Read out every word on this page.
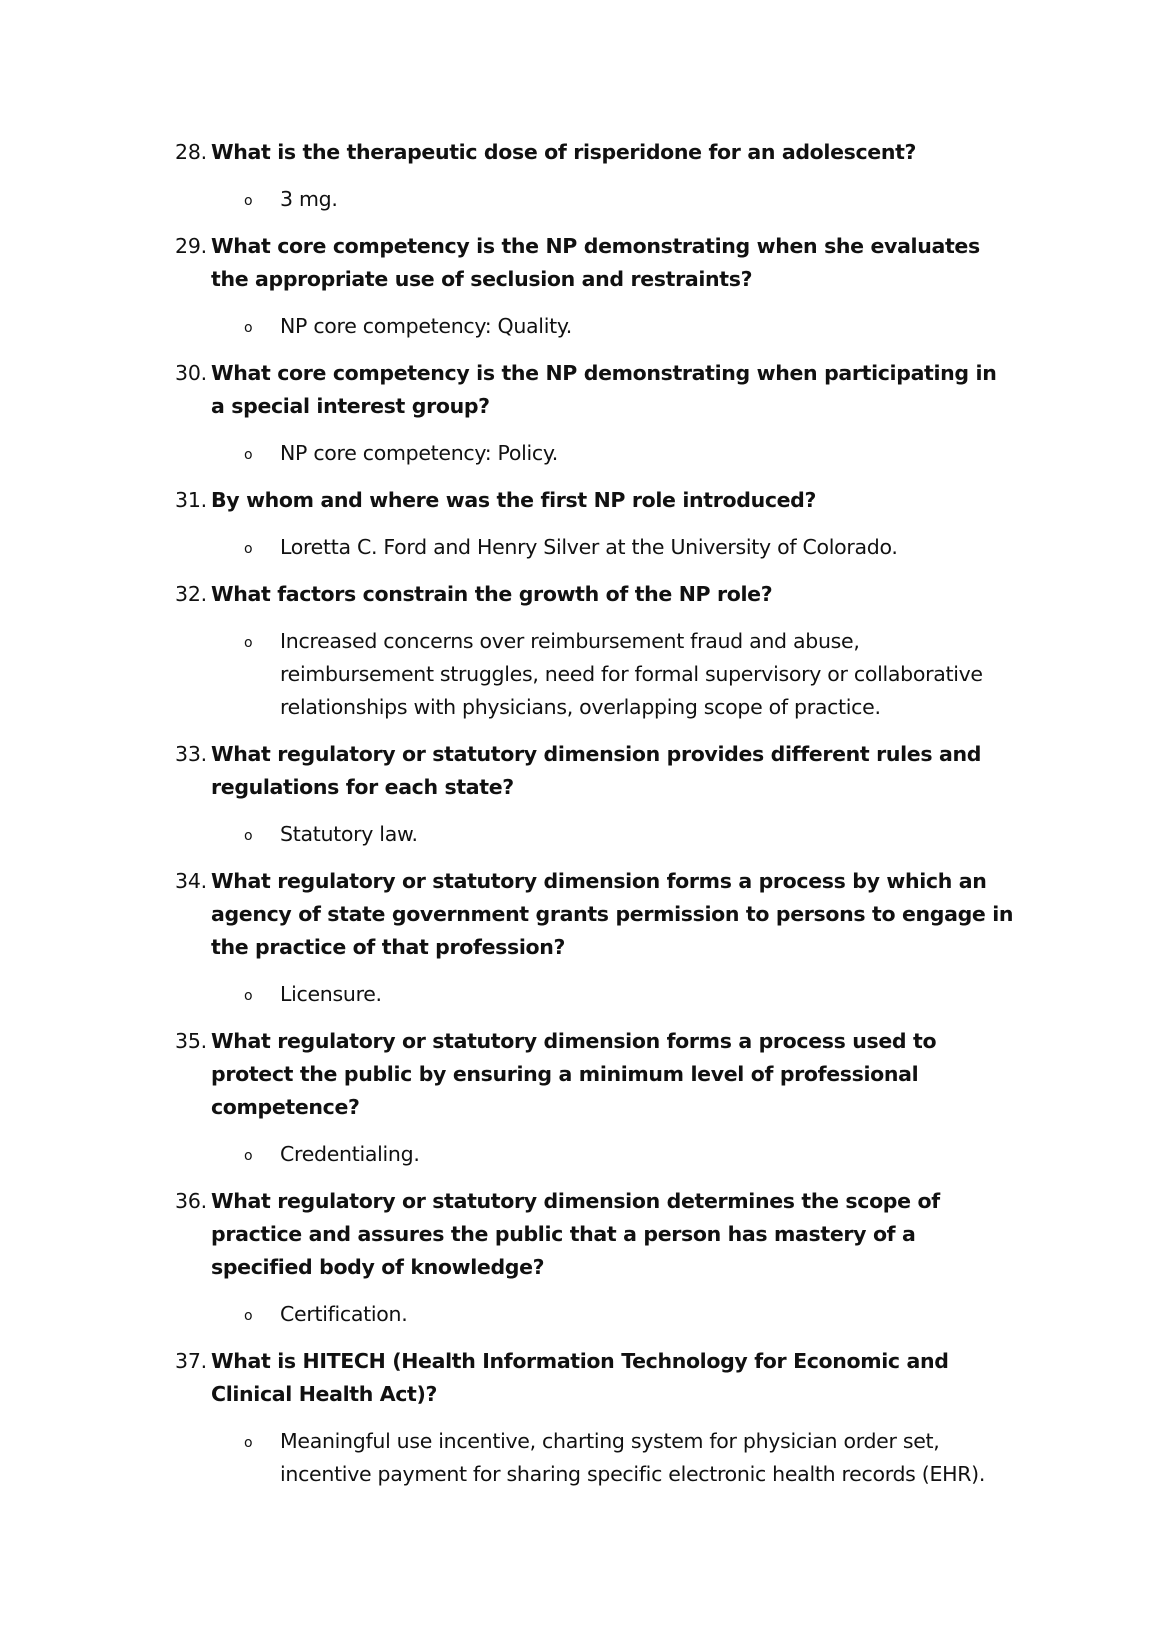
28. What is the therapeutic dose of risperidone for an adolescent?
o	3 mg.
29. What core competency is the NP demonstrating when she evaluates the appropriate use of seclusion and restraints?
o	NP core competency: Quality.
30. What core competency is the NP demonstrating when participating in a special interest group?
o	NP core competency: Policy.
31. By whom and where was the first NP role introduced?
o	Loretta C. Ford and Henry Silver at the University of Colorado.
32. What factors constrain the growth of the NP role?
o	Increased concerns over reimbursement fraud and abuse, reimbursement struggles, need for formal supervisory or collaborative relationships with physicians, overlapping scope of practice.
33. What regulatory or statutory dimension provides different rules and regulations for each state?
o	Statutory law.
34. What regulatory or statutory dimension forms a process by which an agency of state government grants permission to persons to engage in the practice of that profession?
o	Licensure.
35. What regulatory or statutory dimension forms a process used to protect the public by ensuring a minimum level of professional competence?
o	Credentialing.
36. What regulatory or statutory dimension determines the scope of practice and assures the public that a person has mastery of a specified body of knowledge?
o	Certification.
37. What is HITECH (Health Information Technology for Economic and Clinical Health Act)?
o	Meaningful use incentive, charting system for physician order set, incentive payment for sharing specific electronic health records (EHR).
